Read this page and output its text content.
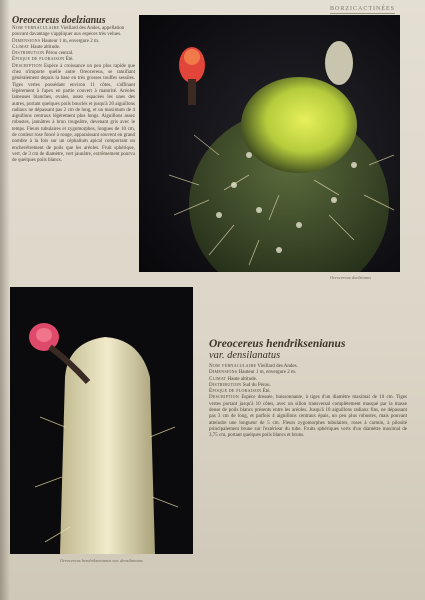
BORZICACTINÉES
Oreocereus doelzianus
Oreocereus hendriksenianus var. densilanatus
Oreocereus doelzianus
Nom vernaculaire Vieillard des Andes, appellation pouvant davantage s'appliquer aux espèces très velues.
Dimensions Hauteur 1 m, envergure 2 m.
Climat Haute altitude.
Distribution Pérou central.
Époque de floraison Été.
Description Espèce à croissance un peu plus rapide que chez n'importe quelle autre Oreocereus, se ramifiant généralement depuis la base en très grosses touffes sessiles. Tiges vertes possédant environ 11 côtes, s'affinant légèrement à l'apex en partie couvert à maturité. Aréoles laineuses blanches, ovales, assez espacées les unes des autres, portant quelques poils bouclés et jusqu'à 20 aiguillons radiaux ne dépassant pas 2 cm de long, et un maximum de 4 aiguillons centraux légèrement plus longs. Aiguillons assez robustes, jaunâtres à brun rougeâtre, devenant gris avec le temps. Fleurs tubulaires et zygomorphes, longues de 10 cm, de couleur rose foncé à rouge, apparaissant souvent en grand nombre à la fois sur un céphalium apical comportant un enchevêtrement de poils que les aréoles. Fruit sphérique, vert, de 3 cm de diamètre, vert jaunâtre, extrêmement pourvu de quelques poils blancs.
Oreocereus hendriksenianus
var. densilanatus
Nom vernaculaire Vieillard des Andes.
Dimensions Hauteur 1 m, envergure 2 m.
Climat Haute altitude.
Distribution Sud du Pérou.
Époque de floraison Été.
Description Espèce dressée, buissonnante, à tiges d'un diamètre maximal de 10 cm. Tiges vertes portant jusqu'à 10 côtes, avec un sillon transversal complètement masqué par la masse dense de poils blancs présents entre les aréoles. Jusqu'à 10 aiguillons radiaux fins, ne dépassant pas 3 cm de long, et parfois 4 aiguillons centraux épais, un peu plus robustes, mais pouvant atteindre une longueur de 5 cm. Fleurs zygomorphes tubulaires, roses à carmin, à pilosité principalement brune sur l'extérieur du tube. Fruits sphériques verts d'un diamètre maximal de 3,75 cm, portant quelques poils blancs et bruns.
